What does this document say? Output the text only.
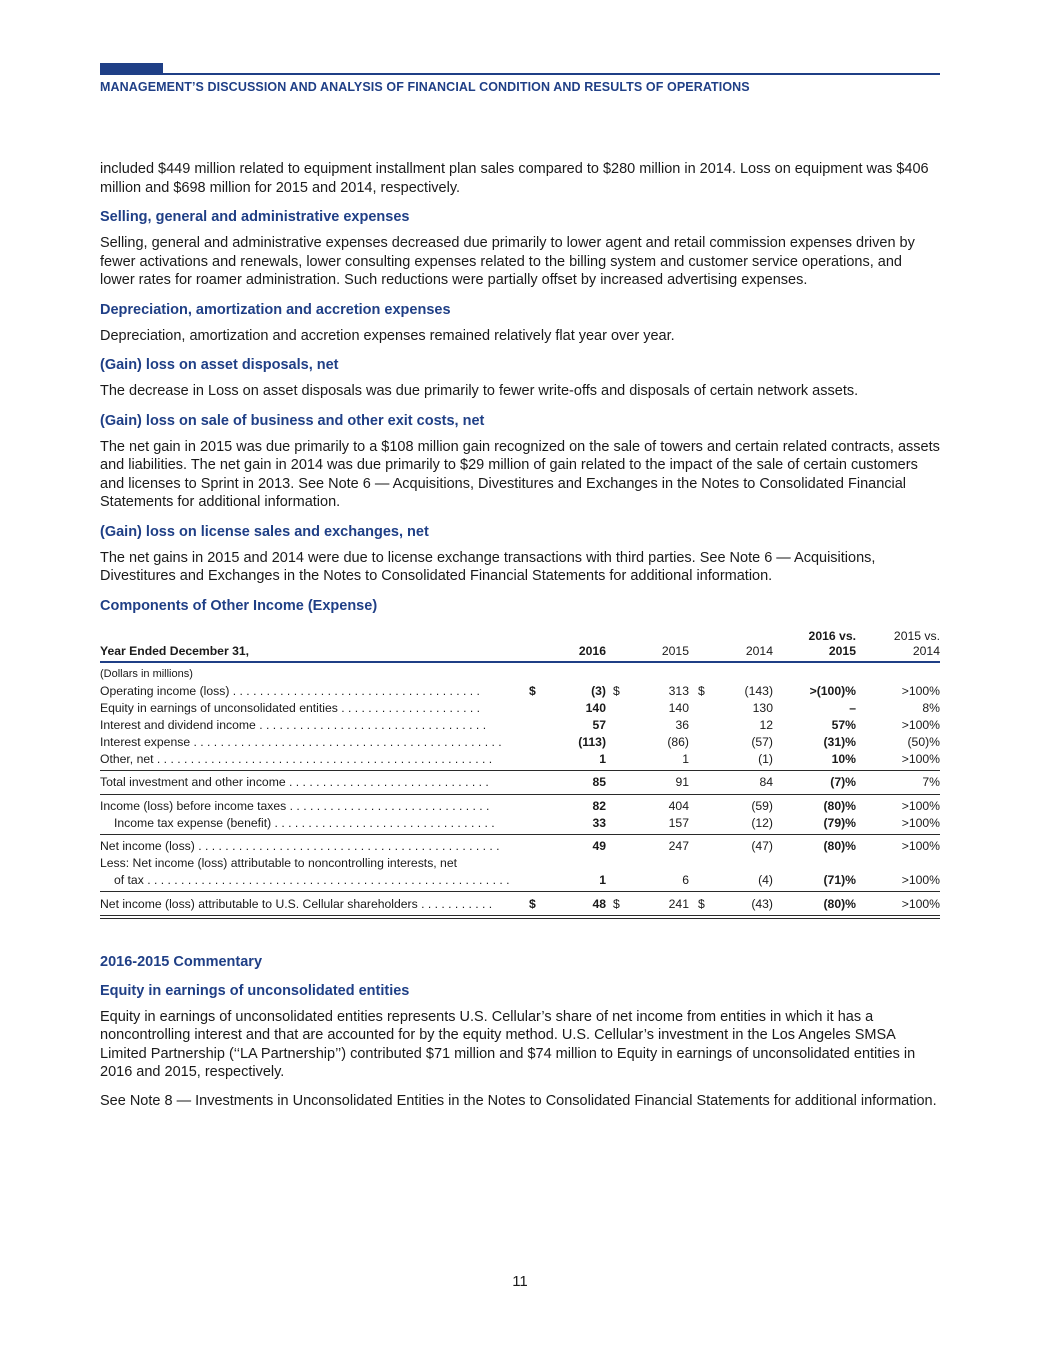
MANAGEMENT’S DISCUSSION AND ANALYSIS OF FINANCIAL CONDITION AND RESULTS OF OPERATIONS

included $449 million related to equipment installment plan sales compared to $280 million in 2014. Loss on equipment was $406 million and $698 million for 2015 and 2014, respectively.

Selling, general and administrative expenses

Selling, general and administrative expenses decreased due primarily to lower agent and retail commission expenses driven by fewer activations and renewals, lower consulting expenses related to the billing system and customer service operations, and lower rates for roamer administration. Such reductions were partially offset by increased advertising expenses.

Depreciation, amortization and accretion expenses

Depreciation, amortization and accretion expenses remained relatively flat year over year.

(Gain) loss on asset disposals, net

The decrease in Loss on asset disposals was due primarily to fewer write-offs and disposals of certain network assets.

(Gain) loss on sale of business and other exit costs, net

The net gain in 2015 was due primarily to a $108 million gain recognized on the sale of towers and certain related contracts, assets and liabilities. The net gain in 2014 was due primarily to $29 million of gain related to the impact of the sale of certain customers and licenses to Sprint in 2013. See Note 6 — Acquisitions, Divestitures and Exchanges in the Notes to Consolidated Financial Statements for additional information.

(Gain) loss on license sales and exchanges, net

The net gains in 2015 and 2014 were due to license exchange transactions with third parties. See Note 6 — Acquisitions, Divestitures and Exchanges in the Notes to Consolidated Financial Statements for additional information.

Components of Other Income (Expense)
2016 vs.	2015 vs.
Year Ended December 31,	2016	2015	2014	2015	2014
(Dollars in millions)
Operating income (loss) . . . . . . . . . . . . . . . . . . . . . . . . . . . . . . . . . . . . .	$	(3) $	313 $	(143)	>(100)%	>100%
Equity in earnings of unconsolidated entities . . . . . . . . . . . . . . . . . . . . .	140	140	130	–	8%
Interest and dividend income . . . . . . . . . . . . . . . . . . . . . . . . . . . . . . . . . .	57	36	12	57%	>100%
Interest expense . . . . . . . . . . . . . . . . . . . . . . . . . . . . . . . . . . . . . . . . . . . . . .	(113)	(86)	(57)	(31)%	(50)%
Other, net . . . . . . . . . . . . . . . . . . . . . . . . . . . . . . . . . . . . . . . . . . . . . . . . . .	1	1	(1)	10%	>100%
Total investment and other income . . . . . . . . . . . . . . . . . . . . . . . . . . . . . .	85	91	84	(7)%	7%
Income (loss) before income taxes . . . . . . . . . . . . . . . . . . . . . . . . . . . . . .	82	404	(59)	(80)%	>100%
Income tax expense (benefit) . . . . . . . . . . . . . . . . . . . . . . . . . . . . . . . . .	33	157	(12)	(79)%	>100%
Net income (loss) . . . . . . . . . . . . . . . . . . . . . . . . . . . . . . . . . . . . . . . . . . . . .	49	247	(47)	(80)%	>100%
Less: Net income (loss) attributable to noncontrolling interests, net
of tax . . . . . . . . . . . . . . . . . . . . . . . . . . . . . . . . . . . . . . . . . . . . . . . . . . . . . .	1	6	(4)	(71)%	>100%
Net income (loss) attributable to U.S. Cellular shareholders . . . . . . . . . . .	$	48 $	241 $	(43)	(80)%	>100%
2016-2015 Commentary
Equity in earnings of unconsolidated entities

Equity in earnings of unconsolidated entities represents U.S. Cellular’s share of net income from entities in which it has a noncontrolling interest and that are accounted for by the equity method. U.S. Cellular’s investment in the Los Angeles SMSA Limited Partnership (‘‘LA Partnership’’) contributed $71 million and $74 million to Equity in earnings of unconsolidated entities in 2016 and 2015, respectively.

See Note 8 — Investments in Unconsolidated Entities in the Notes to Consolidated Financial Statements for additional information.

11
